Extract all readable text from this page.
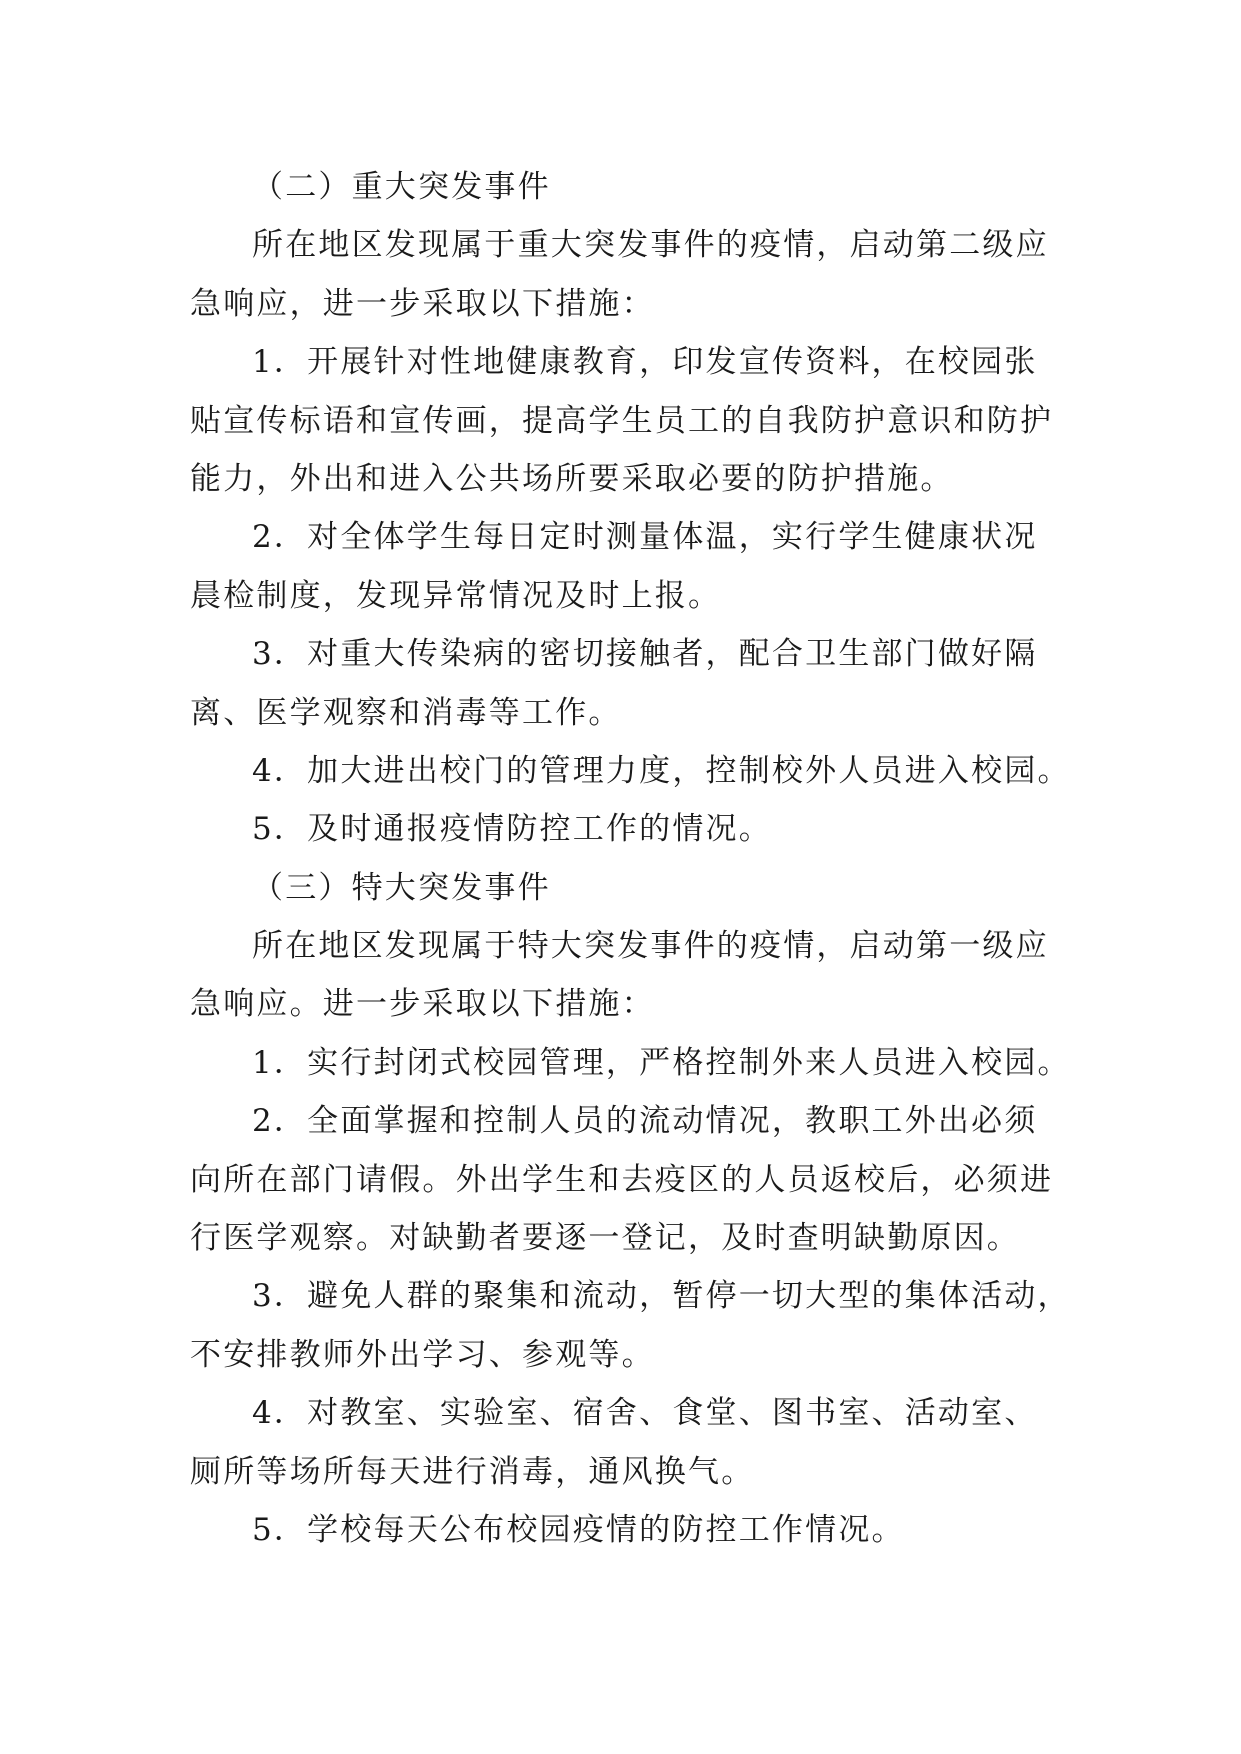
（二）重大突发事件
所在地区发现属于重大突发事件的疫情，启动第二级应
急响应，进一步采取以下措施：
1．开展针对性地健康教育，印发宣传资料，在校园张
贴宣传标语和宣传画，提高学生员工的自我防护意识和防护
能力，外出和进入公共场所要采取必要的防护措施。
2．对全体学生每日定时测量体温，实行学生健康状况
晨检制度，发现异常情况及时上报。
3．对重大传染病的密切接触者，配合卫生部门做好隔
离、医学观察和消毒等工作。
4．加大进出校门的管理力度，控制校外人员进入校园。
5．及时通报疫情防控工作的情况。
（三）特大突发事件
所在地区发现属于特大突发事件的疫情，启动第一级应
急响应。进一步采取以下措施：
1．实行封闭式校园管理，严格控制外来人员进入校园。
2．全面掌握和控制人员的流动情况，教职工外出必须
向所在部门请假。外出学生和去疫区的人员返校后，必须进
行医学观察。对缺勤者要逐一登记，及时查明缺勤原因。
3．避免人群的聚集和流动，暂停一切大型的集体活动，
不安排教师外出学习、参观等。
4．对教室、实验室、宿舍、食堂、图书室、活动室、
厕所等场所每天进行消毒，通风换气。
5．学校每天公布校园疫情的防控工作情况。
